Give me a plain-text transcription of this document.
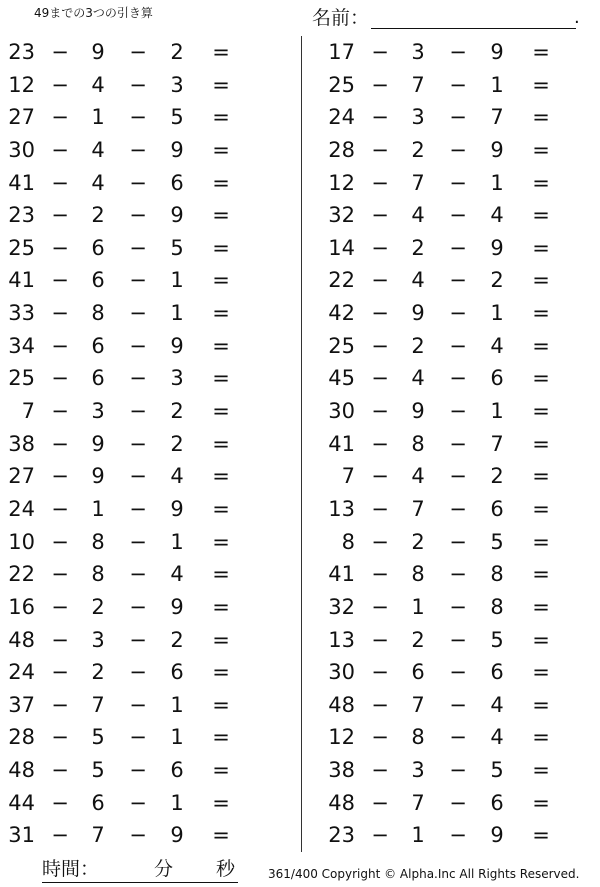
49までの3つの引き算	名前：	.
23 − 9 − 2 =
12 − 4 − 3 =
27 − 1 − 5 =
30 − 4 − 9 =
41 − 4 − 6 =
23 − 2 − 9 =
25 − 6 − 5 =
41 − 6 − 1 =
33 − 8 − 1 =
34 − 6 − 9 =
25 − 6 − 3 =
7 − 3 − 2 =
38 − 9 − 2 =
27 − 9 − 4 =
24 − 1 − 9 =
10 − 8 − 1 =
22 − 8 − 4 =
16 − 2 − 9 =
48 − 3 − 2 =
24 − 2 − 6 =
37 − 7 − 1 =
28 − 5 − 1 =
48 − 5 − 6 =
44 − 6 − 1 =
31 − 7 − 9 =
17 − 3 − 9 =
25 − 7 − 1 =
24 − 3 − 7 =
28 − 2 − 9 =
12 − 7 − 1 =
32 − 4 − 4 =
14 − 2 − 9 =
22 − 4 − 2 =
42 − 9 − 1 =
25 − 2 − 4 =
45 − 4 − 6 =
30 − 9 − 1 =
41 − 8 − 7 =
7 − 4 − 2 =
13 − 7 − 6 =
8 − 2 − 5 =
41 − 8 − 8 =
32 − 1 − 8 =
13 − 2 − 5 =
30 − 6 − 6 =
48 − 7 − 4 =
12 − 8 − 4 =
38 − 3 − 5 =
48 − 7 − 6 =
23 − 1 − 9 =
時間：	分 秒	361/400 Copyright © Alpha.Inc All Rights Reserved.
